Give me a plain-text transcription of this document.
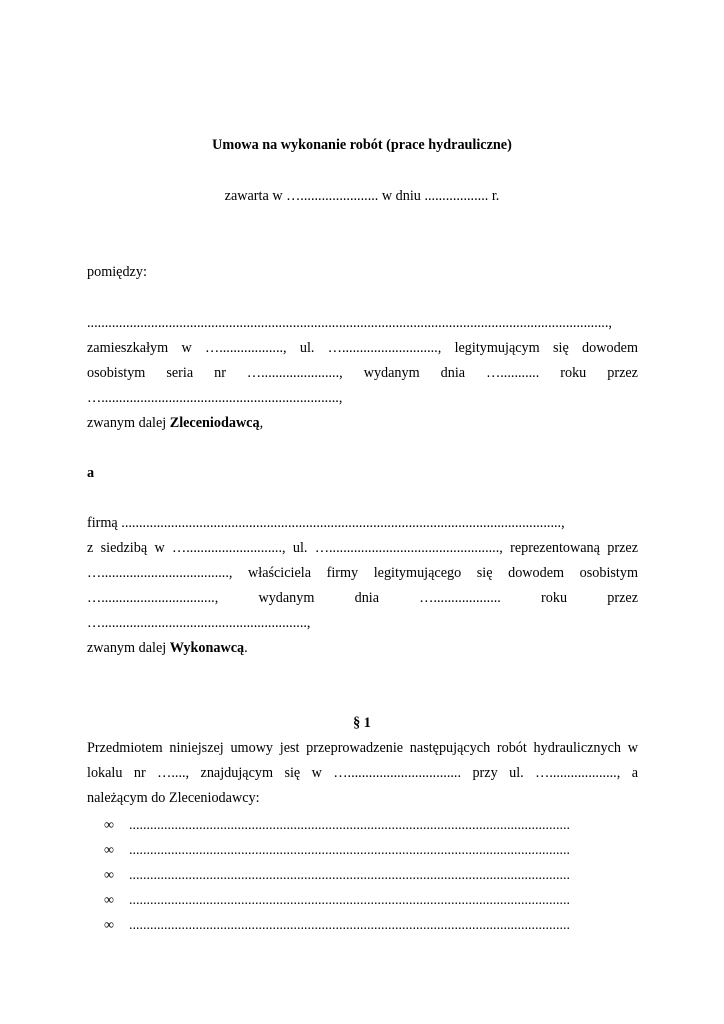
Umowa na wykonanie robót (prace hydrauliczne)
zawarta w …...................... w dniu .................. r.
pomiędzy:
...................................................................................................................................................,
zamieszkałym w ….................., ul. …..........................., legitymującym się dowodem
osobistym seria nr …......................, wydanym dnia …........... roku przez
…...................................................................,
zwanym dalej Zleceniodawcą,
a
firmą ............................................................................................................................,
z siedzibą w …..........................., ul. …................................................, reprezentowaną przez
…...................................., właściciela firmy legitymującego się dowodem osobistym
…................................, wydanym dnia …................... roku przez
…..........................................................,
zwanym dalej Wykonawcą.
§ 1
Przedmiotem niniejszej umowy jest przeprowadzenie następujących robót hydraulicznych w
lokalu nr …...., znajdującym się w …................................ przy ul. …..................., a
należącym do Zleceniodawcy:
∞ ..............................................................................................................................
∞ ..............................................................................................................................
∞ ..............................................................................................................................
∞ ..............................................................................................................................
∞ ..............................................................................................................................
